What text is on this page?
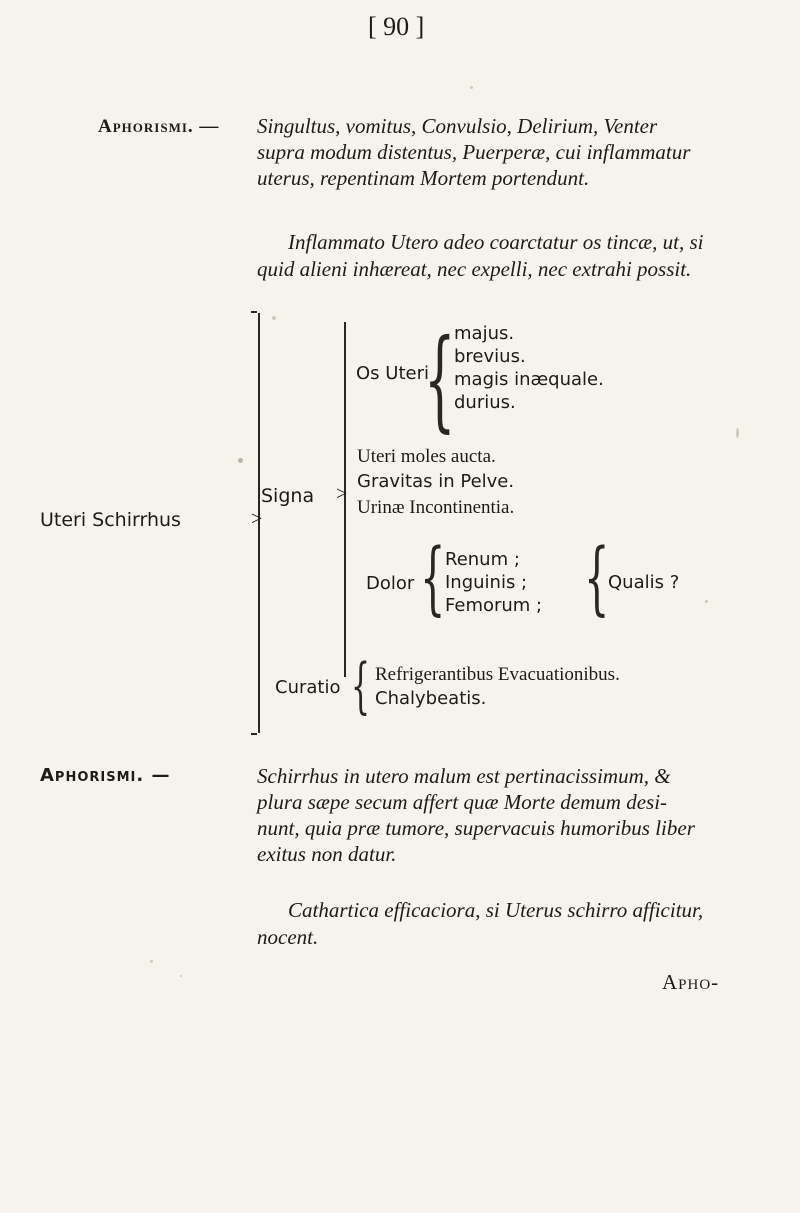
[ 90 ]
Aphorismi. — Singultus, vomitus, Convulsio, Delirium, Venter
supra modum distentus, Puerperæ, cui inflammatur
uterus, repentinam Mortem portendunt.
Inflammato Utero adeo coarctatur os tincæ, ut, si
quid alieni inhæreat, nec expelli, nec extrahi possit.
Uteri Schirrhus	>
Signa >
Os Uteri
{
majus.
brevius.
magis inæquale.
durius.
Uteri moles aucta.
Gravitas in Pelve.
Urinæ Incontinentia.
Dolor { Renum ;
Inguinis ;
Femorum ; {
Qualis ?
Curatio { Refrigerantibus Evacuationibus.
Chalybeatis.
Aphorismi. —	Schirrhus in utero malum est pertinacissimum, &
plura sæpe secum affert quæ Morte demum desi-
nunt, quia præ tumore, supervacuis humoribus liber
exitus non datur.
Cathartica efficaciora, si Uterus schirro afficitur,
nocent.
Apho-
